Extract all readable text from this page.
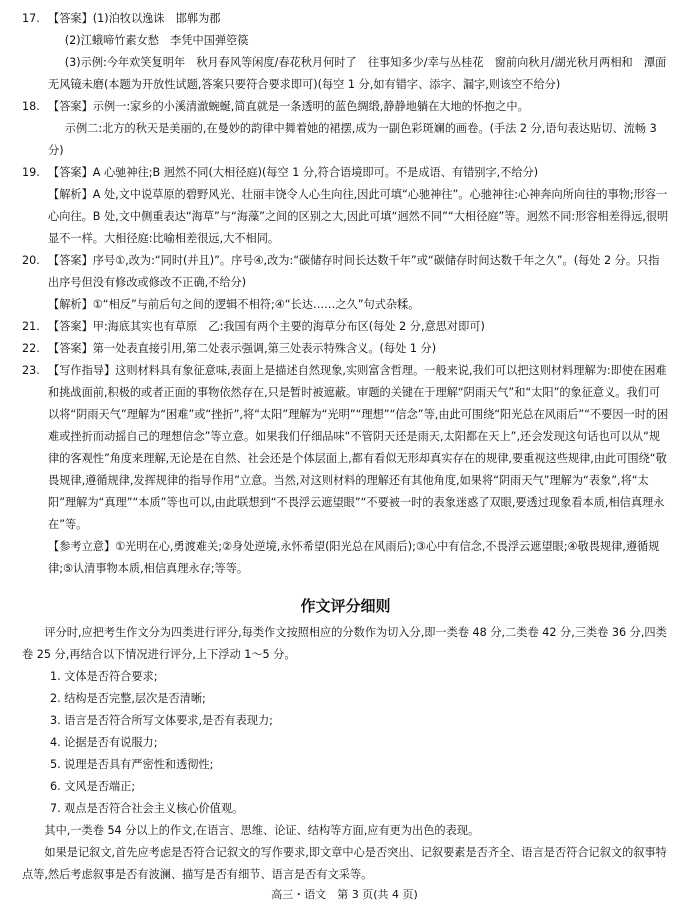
17. 【答案】(1)泊牧以逸诛　邯郸为郡
(2)江蛾啼竹素女愁　李凭中国弹箜篌
(3)示例:今年欢笑复明年　秋月春风等闲度/春花秋月何时了　往事知多少/幸与丛桂花　窗前向秋月/湖光秋月两相和　潭面无风镜未磨(本题为开放性试题,答案只要符合要求即可)(每空 1 分,如有错字、添字、漏字,则该空不给分)
18. 【答案】示例一:家乡的小溪清澈蜿蜒,简直就是一条透明的蓝色绸缎,静静地躺在大地的怀抱之中。
示例二:北方的秋天是美丽的,在曼妙的韵律中舞着她的裙摆,成为一副色彩斑斓的画卷。(手法 2 分,语句表达贴切、流畅 3 分)
19. 【答案】A 心驰神往;B 迥然不同(大相径庭)(每空 1 分,符合语境即可。不是成语、有错别字,不给分)
【解析】A 处,文中说草原的碧野风光、壮丽丰饶令人心生向往,因此可填“心驰神往”。心驰神往:心神奔向所向往的事物;形容一心向往。B 处,文中侧重表达“海草”与“海藻”之间的区别之大,因此可填“迥然不同”“大相径庭”等。迥然不同:形容相差得远,很明显不一样。大相径庭:比喻相差很远,大不相同。
20. 【答案】序号①,改为:“同时(并且)”。序号④,改为:“碳储存时间长达数千年”或“碳储存时间达数千年之久”。(每处 2 分。只指出序号但没有修改或修改不正确,不给分)
【解析】①“相反”与前后句之间的逻辑不相符;④“长达……之久”句式杂糅。
21. 【答案】甲:海底其实也有草原　乙:我国有两个主要的海草分布区(每处 2 分,意思对即可)
22. 【答案】第一处表直接引用,第二处表示强调,第三处表示特殊含义。(每处 1 分)
23. 【写作指导】这则材料具有象征意味,表面上是描述自然现象,实则富含哲理。一般来说,我们可以把这则材料理解为:即使在困难和挑战面前,积极的或者正面的事物依然存在,只是暂时被遮蔽。审题的关键在于理解“阴雨天气”和“太阳”的象征意义。我们可以将“阴雨天气”理解为“困难”或“挫折”,将“太阳”理解为“光明”“理想”“信念”等,由此可围绕“阳光总在风雨后”“不要因一时的困难或挫折而动摇自己的理想信念”等立意。如果我们仔细品味“不管阴天还是雨天,太阳都在天上”,还会发现这句话也可以从“规律的客观性”角度来理解,无论是在自然、社会还是个体层面上,都有看似无形却真实存在的规律,要重视这些规律,由此可围绕“敬畏规律,遵循规律,发挥规律的指导作用”立意。当然,对这则材料的理解还有其他角度,如果将“阴雨天气”理解为“表象”,将“太阳”理解为“真理”“本质”等也可以,由此联想到“不畏浮云遮望眼”“不要被一时的表象迷惑了双眼,要透过现象看本质,相信真理永在”等。
【参考立意】①光明在心,勇渡难关;②身处逆境,永怀希望(阳光总在风雨后);③心中有信念,不畏浮云遮望眼;④敬畏规律,遵循规律;⑤认清事物本质,相信真理永存;等等。
作文评分细则
评分时,应把考生作文分为四类进行评分,每类作文按照相应的分数作为切入分,即一类卷 48 分,二类卷 42 分,三类卷 36 分,四类卷 25 分,再结合以下情况进行评分,上下浮动 1～5 分。
1. 文体是否符合要求;
2. 结构是否完整,层次是否清晰;
3. 语言是否符合所写文体要求,是否有表现力;
4. 论据是否有说服力;
5. 说理是否具有严密性和透彻性;
6. 文风是否端正;
7. 观点是否符合社会主义核心价值观。
其中,一类卷 54 分以上的作文,在语言、思维、论证、结构等方面,应有更为出色的表现。
如果是记叙文,首先应考虑是否符合记叙文的写作要求,即文章中心是否突出、记叙要素是否齐全、语言是否符合记叙文的叙事特点等,然后考虑叙事是否有波澜、描写是否有细节、语言是否有文采等。
高三・语文　第 3 页(共 4 页)
